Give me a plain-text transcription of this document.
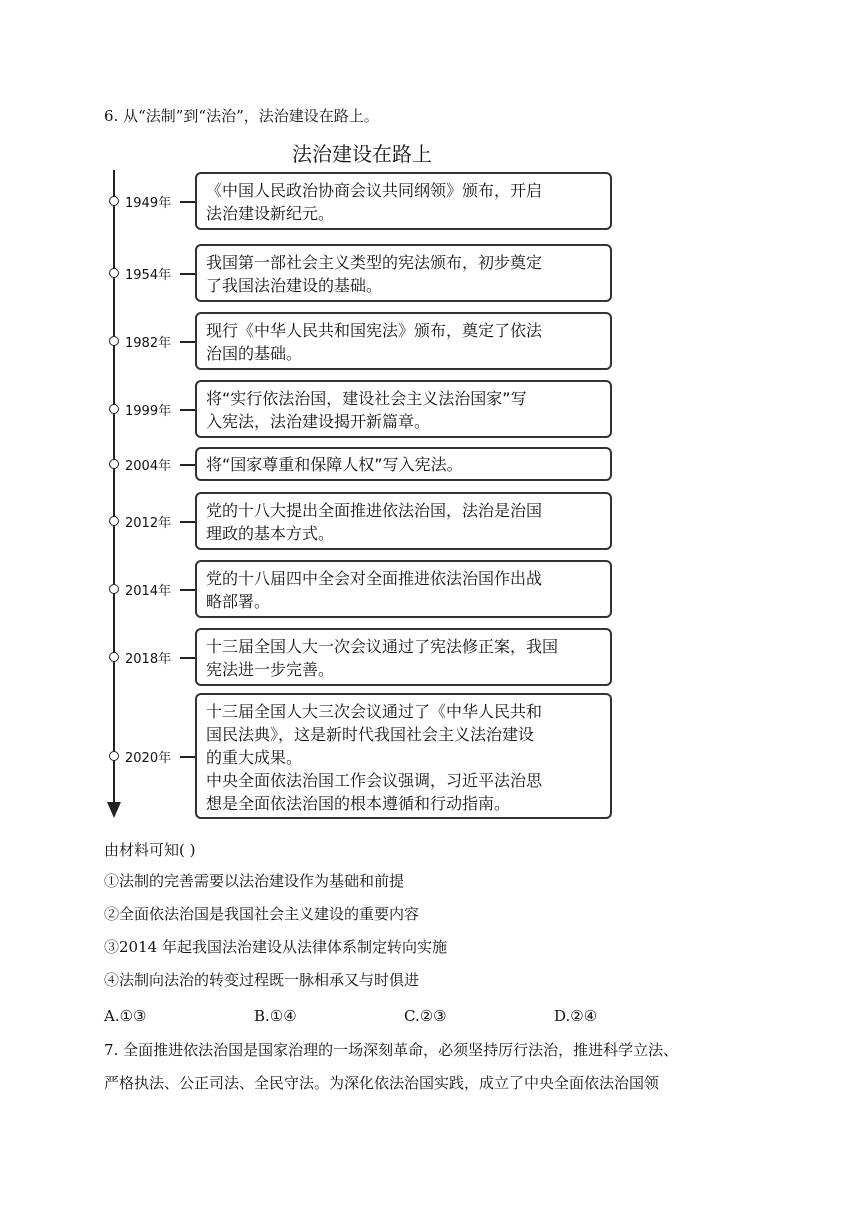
6. 从“法制”到“法治”，法治建设在路上。
法治建设在路上
1949年
《中国人民政治协商会议共同纲领》颁布，开启
法治建设新纪元。
1954年
我国第一部社会主义类型的宪法颁布，初步奠定
了我国法治建设的基础。
1982年
现行《中华人民共和国宪法》颁布，奠定了依法
治国的基础。
1999年
将“实行依法治国，建设社会主义法治国家”写
入宪法，法治建设揭开新篇章。
2004年 将“国家尊重和保障人权”写入宪法。
2012年
党的十八大提出全面推进依法治国，法治是治国
理政的基本方式。
2014年
党的十八届四中全会对全面推进依法治国作出战
略部署。
2018年
十三届全国人大一次会议通过了宪法修正案，我国
宪法进一步完善。
2020年
十三届全国人大三次会议通过了《中华人民共和
国民法典》，这是新时代我国社会主义法治建设
的重大成果。
中央全面依法治国工作会议强调，习近平法治思
想是全面依法治国的根本遵循和行动指南。
由材料可知( )
①法制的完善需要以法治建设作为基础和前提
②全面依法治国是我国社会主义建设的重要内容
③2014 年起我国法治建设从法律体系制定转向实施
④法制向法治的转变过程既一脉相承又与时俱进
A.①③	B.①④	C.②③	D.②④
7. 全面推进依法治国是国家治理的一场深刻革命，必须坚持厉行法治，推进科学立法、
严格执法、公正司法、全民守法。为深化依法治国实践，成立了中央全面依法治国领
